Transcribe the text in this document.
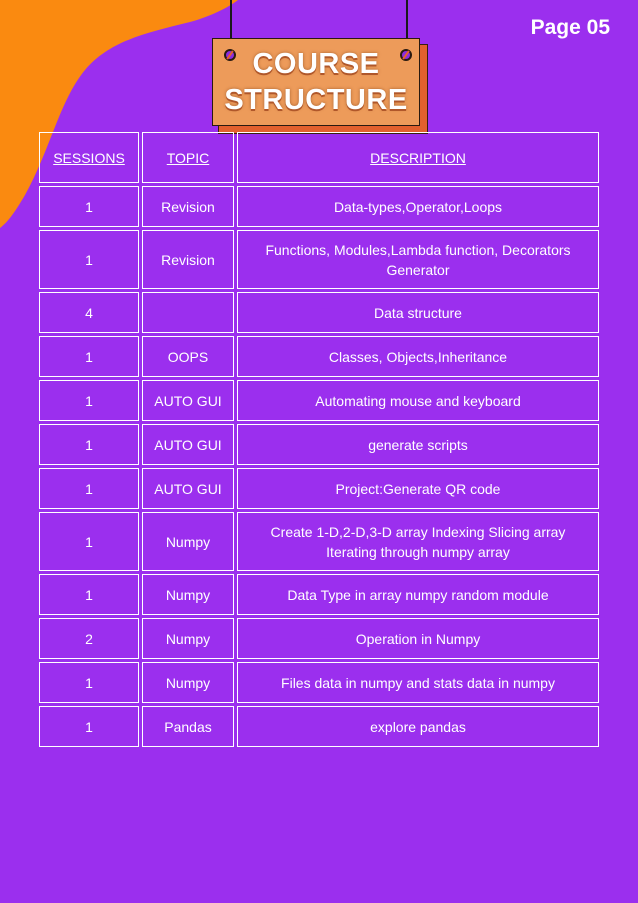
Page 05
COURSE
STRUCTURE
SESSIONS	TOPIC	DESCRIPTION
1	Revision	Data-types,Operator,Loops
1	Revision	Functions, Modules,Lambda function, Decorators Generator
4		Data structure
1	OOPS	Classes, Objects,Inheritance
1	AUTO GUI	Automating mouse and keyboard
1	AUTO GUI	generate scripts
1	AUTO GUI	Project:Generate QR code
1	Numpy	Create 1-D,2-D,3-D array Indexing Slicing array Iterating through numpy array
1	Numpy	Data Type in array numpy random module
2	Numpy	Operation in Numpy
1	Numpy	Files data in numpy and stats data in numpy
1	Pandas	explore pandas
